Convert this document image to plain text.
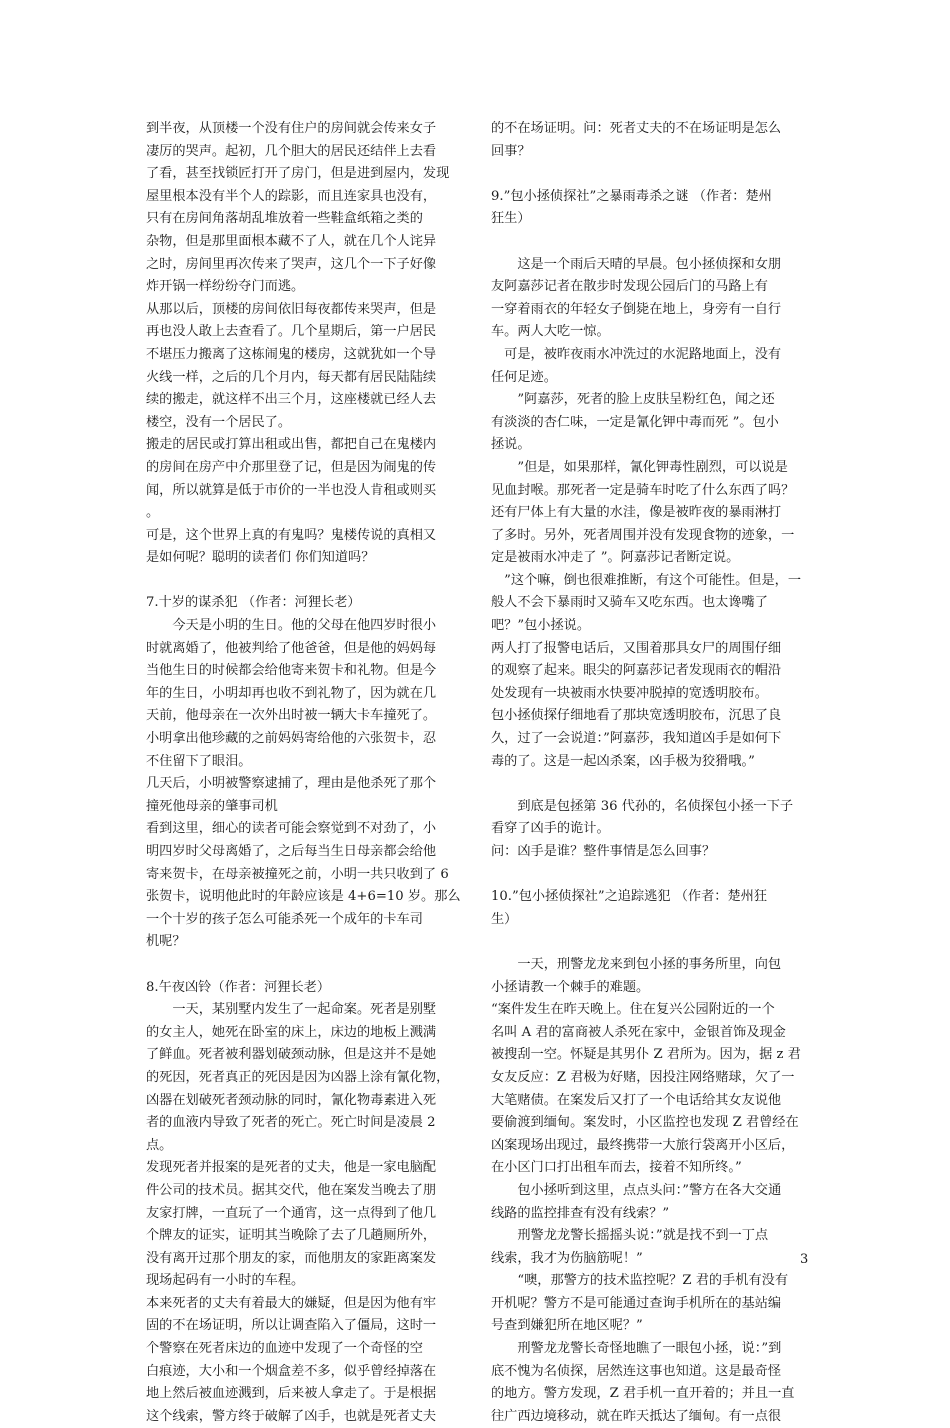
到半夜，从顶楼一个没有住户的房间就会传来女子
凄厉的哭声。起初，几个胆大的居民还结伴上去看
了看，甚至找锁匠打开了房门，但是进到屋内，发现
屋里根本没有半个人的踪影，而且连家具也没有，
只有在房间角落胡乱堆放着一些鞋盒纸箱之类的
杂物，但是那里面根本藏不了人，就在几个人诧异
之时，房间里再次传来了哭声，这几个一下子好像
炸开锅一样纷纷夺门而逃。
从那以后，顶楼的房间依旧每夜都传来哭声，但是
再也没人敢上去查看了。几个星期后，第一户居民
不堪压力搬离了这栋闹鬼的楼房，这就犹如一个导
火线一样，之后的几个月内，每天都有居民陆陆续
续的搬走，就这样不出三个月，这座楼就已经人去
楼空，没有一个居民了。
搬走的居民或打算出租或出售，都把自己在鬼楼内
的房间在房产中介那里登了记，但是因为闹鬼的传
闻，所以就算是低于市价的一半也没人肯租或则买
。
可是，这个世界上真的有鬼吗？鬼楼传说的真相又
是如何呢？聪明的读者们 你们知道吗？
7.十岁的谋杀犯 （作者：河狸长老）
　　今天是小明的生日。他的父母在他四岁时很小
时就离婚了，他被判给了他爸爸，但是他的妈妈每
当他生日的时候都会给他寄来贺卡和礼物。但是今
年的生日，小明却再也收不到礼物了，因为就在几
天前，他母亲在一次外出时被一辆大卡车撞死了。
小明拿出他珍藏的之前妈妈寄给他的六张贺卡，忍
不住留下了眼泪。
几天后，小明被警察逮捕了，理由是他杀死了那个
撞死他母亲的肇事司机
看到这里，细心的读者可能会察觉到不对劲了，小
明四岁时父母离婚了，之后每当生日母亲都会给他
寄来贺卡，在母亲被撞死之前，小明一共只收到了 6
张贺卡，说明他此时的年龄应该是 4+6=10 岁。那么
一个十岁的孩子怎么可能杀死一个成年的卡车司
机呢？
8.午夜凶铃（作者：河狸长老）
　　一天，某别墅内发生了一起命案。死者是别墅
的女主人，她死在卧室的床上，床边的地板上溅满
了鲜血。死者被利器划破颈动脉，但是这并不是她
的死因，死者真正的死因是因为凶器上涂有氰化物，
凶器在划破死者颈动脉的同时，氰化物毒素进入死
者的血液内导致了死者的死亡。死亡时间是凌晨 2
点。
发现死者并报案的是死者的丈夫，他是一家电脑配
件公司的技术员。据其交代，他在案发当晚去了朋
友家打牌，一直玩了一个通宵，这一点得到了他几
个牌友的证实，证明其当晚除了去了几趟厕所外，
没有离开过那个朋友的家，而他朋友的家距离案发
现场起码有一小时的车程。
本来死者的丈夫有着最大的嫌疑，但是因为他有牢
固的不在场证明，所以让调查陷入了僵局，这时一
个警察在死者床边的血迹中发现了一个奇怪的空
白痕迹，大小和一个烟盒差不多，似乎曾经掉落在
地上然后被血迹溅到，后来被人拿走了。于是根据
这个线索，警方终于破解了凶手，也就是死者丈夫
的不在场证明。问：死者丈夫的不在场证明是怎么
回事？
9.”包小拯侦探社”之暴雨毒杀之谜 （作者：楚州
狂生）
　　这是一个雨后天晴的早晨。包小拯侦探和女朋
友阿嘉莎记者在散步时发现公园后门的马路上有
一穿着雨衣的年轻女子倒毙在地上，身旁有一自行
车。两人大吃一惊。
　可是，被昨夜雨水冲洗过的水泥路地面上，没有
任何足迹。
　　”阿嘉莎，死者的脸上皮肤呈粉红色，闻之还
有淡淡的杏仁味，一定是氰化钾中毒而死 ”。包小
拯说。
　　”但是，如果那样，氰化钾毒性剧烈，可以说是
见血封喉。那死者一定是骑车时吃了什么东西了吗？
还有尸体上有大量的水洼，像是被昨夜的暴雨淋打
了多时。另外，死者周围并没有发现食物的迹象，一
定是被雨水冲走了 ”。阿嘉莎记者断定说。
　”这个嘛，倒也很难推断，有这个可能性。但是，一
般人不会下暴雨时又骑车又吃东西。也太谗嘴了
吧？”包小拯说。
两人打了报警电话后，又围着那具女尸的周围仔细
的观察了起来。眼尖的阿嘉莎记者发现雨衣的帽沿
处发现有一块被雨水快要冲脱掉的宽透明胶布。
包小拯侦探仔细地看了那块宽透明胶布，沉思了良
久，过了一会说道：”阿嘉莎，我知道凶手是如何下
毒的了。这是一起凶杀案，凶手极为狡猾哦。”
　　到底是包拯第 36 代孙的，名侦探包小拯一下子
看穿了凶手的诡计。
问：凶手是谁？整件事情是怎么回事？
10.”包小拯侦探社”之追踪逃犯 （作者：楚州狂
生）
　　一天，刑警龙龙来到包小拯的事务所里，向包
小拯请教一个棘手的难题。
“案件发生在昨天晚上。住在复兴公园附近的一个
名叫 A 君的富商被人杀死在家中，金银首饰及现金
被搜刮一空。怀疑是其男仆 Z 君所为。因为，据 z 君
女友反应：Z 君极为好赌，因投注网络赌球，欠了一
大笔赌债。在案发后又打了一个电话给其女友说他
要偷渡到缅甸。案发时，小区监控也发现 Z 君曾经在
凶案现场出现过，最终携带一大旅行袋离开小区后，
在小区门口打出租车而去，接着不知所终。”
　　包小拯听到这里，点点头问：”警方在各大交通
线路的监控排查有没有线索？”
　　刑警龙龙警长摇摇头说：”就是找不到一丁点
线索，我才为伤脑筋呢！”
　　“噢，那警方的技术监控呢？Z 君的手机有没有
开机呢？警方不是可能通过查询手机所在的基站编
号查到嫌犯所在地区呢？”
　　刑警龙龙警长奇怪地瞧了一眼包小拯，说：”到
底不愧为名侦探，居然连这事也知道。这是最奇怪
的地方。警方发现，Z 君手机一直开着的；并且一直
往广西边境移动，就在昨天抵达了缅甸。有一点很
3
